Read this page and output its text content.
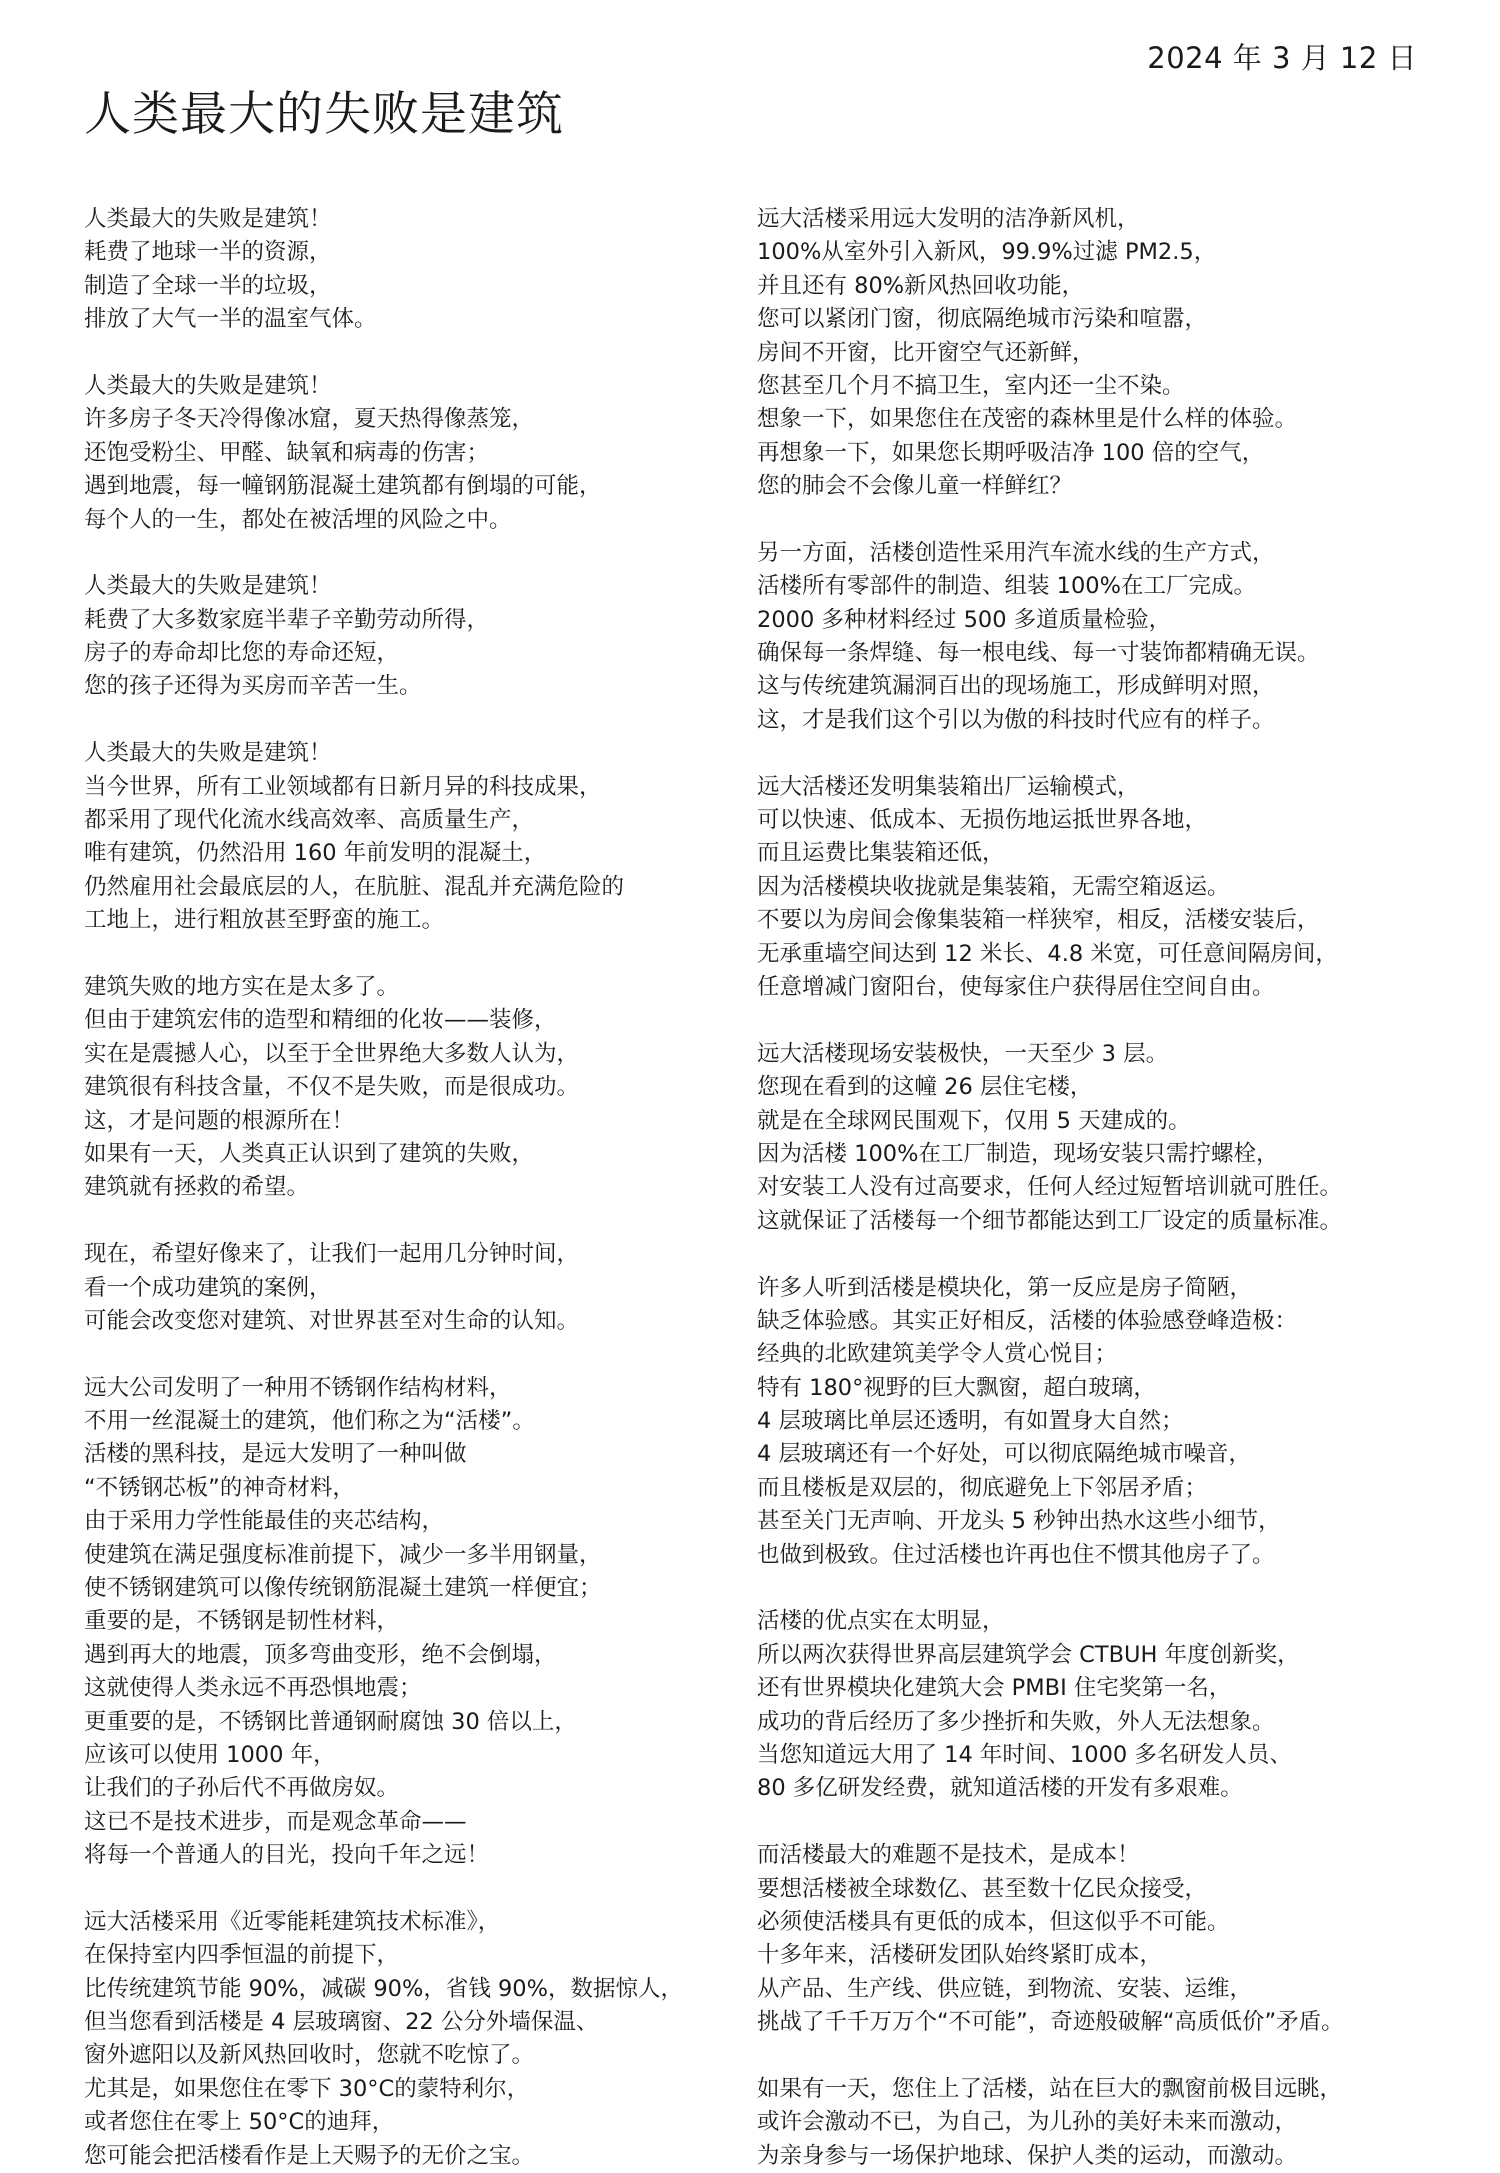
2024 年 3 月 12 日
人类最大的失败是建筑
人类最大的失败是建筑！
耗费了地球一半的资源，
制造了全球一半的垃圾，
排放了大气一半的温室气体。
人类最大的失败是建筑！
许多房子冬天冷得像冰窟，夏天热得像蒸笼，
还饱受粉尘、甲醛、缺氧和病毒的伤害；
遇到地震，每一幢钢筋混凝土建筑都有倒塌的可能，
每个人的一生，都处在被活埋的风险之中。
人类最大的失败是建筑！
耗费了大多数家庭半辈子辛勤劳动所得，
房子的寿命却比您的寿命还短，
您的孩子还得为买房而辛苦一生。
人类最大的失败是建筑！
当今世界，所有工业领域都有日新月异的科技成果，
都采用了现代化流水线高效率、高质量生产，
唯有建筑，仍然沿用 160 年前发明的混凝土，
仍然雇用社会最底层的人，在肮脏、混乱并充满危险的
工地上，进行粗放甚至野蛮的施工。
建筑失败的地方实在是太多了。
但由于建筑宏伟的造型和精细的化妆——装修，
实在是震撼人心，以至于全世界绝大多数人认为，
建筑很有科技含量，不仅不是失败，而是很成功。
这，才是问题的根源所在！
如果有一天，人类真正认识到了建筑的失败，
建筑就有拯救的希望。
现在，希望好像来了，让我们一起用几分钟时间，
看一个成功建筑的案例，
可能会改变您对建筑、对世界甚至对生命的认知。
远大公司发明了一种用不锈钢作结构材料，
不用一丝混凝土的建筑，他们称之为“活楼”。
活楼的黑科技，是远大发明了一种叫做
“不锈钢芯板”的神奇材料，
由于采用力学性能最佳的夹芯结构，
使建筑在满足强度标准前提下，减少一多半用钢量，
使不锈钢建筑可以像传统钢筋混凝土建筑一样便宜；
重要的是，不锈钢是韧性材料，
遇到再大的地震，顶多弯曲变形，绝不会倒塌，
这就使得人类永远不再恐惧地震；
更重要的是，不锈钢比普通钢耐腐蚀 30 倍以上，
应该可以使用 1000 年，
让我们的子孙后代不再做房奴。
这已不是技术进步，而是观念革命——
将每一个普通人的目光，投向千年之远！
远大活楼采用《近零能耗建筑技术标准》，
在保持室内四季恒温的前提下，
比传统建筑节能 90%，减碳 90%，省钱 90%，数据惊人，
但当您看到活楼是 4 层玻璃窗、22 公分外墙保温、
窗外遮阳以及新风热回收时，您就不吃惊了。
尤其是，如果您住在零下 30°C的蒙特利尔，
或者您住在零上 50°C的迪拜，
您可能会把活楼看作是上天赐予的无价之宝。
远大活楼采用远大发明的洁净新风机，
100%从室外引入新风，99.9%过滤 PM2.5，
并且还有 80%新风热回收功能，
您可以紧闭门窗，彻底隔绝城市污染和喧嚣，
房间不开窗，比开窗空气还新鲜，
您甚至几个月不搞卫生，室内还一尘不染。
想象一下，如果您住在茂密的森林里是什么样的体验。
再想象一下，如果您长期呼吸洁净 100 倍的空气，
您的肺会不会像儿童一样鲜红？
另一方面，活楼创造性采用汽车流水线的生产方式，
活楼所有零部件的制造、组装 100%在工厂完成。
2000 多种材料经过 500 多道质量检验，
确保每一条焊缝、每一根电线、每一寸装饰都精确无误。
这与传统建筑漏洞百出的现场施工，形成鲜明对照，
这，才是我们这个引以为傲的科技时代应有的样子。
远大活楼还发明集装箱出厂运输模式，
可以快速、低成本、无损伤地运抵世界各地，
而且运费比集装箱还低，
因为活楼模块收拢就是集装箱，无需空箱返运。
不要以为房间会像集装箱一样狭窄，相反，活楼安装后，
无承重墙空间达到 12 米长、4.8 米宽，可任意间隔房间，
任意增减门窗阳台，使每家住户获得居住空间自由。
远大活楼现场安装极快，一天至少 3 层。
您现在看到的这幢 26 层住宅楼，
就是在全球网民围观下，仅用 5 天建成的。
因为活楼 100%在工厂制造，现场安装只需拧螺栓，
对安装工人没有过高要求，任何人经过短暂培训就可胜任。
这就保证了活楼每一个细节都能达到工厂设定的质量标准。
许多人听到活楼是模块化，第一反应是房子简陋，
缺乏体验感。其实正好相反，活楼的体验感登峰造极：
经典的北欧建筑美学令人赏心悦目；
特有 180°视野的巨大飘窗，超白玻璃，
4 层玻璃比单层还透明，有如置身大自然；
4 层玻璃还有一个好处，可以彻底隔绝城市噪音，
而且楼板是双层的，彻底避免上下邻居矛盾；
甚至关门无声响、开龙头 5 秒钟出热水这些小细节，
也做到极致。住过活楼也许再也住不惯其他房子了。
活楼的优点实在太明显，
所以两次获得世界高层建筑学会 CTBUH 年度创新奖，
还有世界模块化建筑大会 PMBI 住宅奖第一名，
成功的背后经历了多少挫折和失败，外人无法想象。
当您知道远大用了 14 年时间、1000 多名研发人员、
80 多亿研发经费，就知道活楼的开发有多艰难。
而活楼最大的难题不是技术，是成本！
要想活楼被全球数亿、甚至数十亿民众接受，
必须使活楼具有更低的成本，但这似乎不可能。
十多年来，活楼研发团队始终紧盯成本，
从产品、生产线、供应链，到物流、安装、运维，
挑战了千千万万个“不可能”，奇迹般破解“高质低价”矛盾。
如果有一天，您住上了活楼，站在巨大的飘窗前极目远眺，
或许会激动不已，为自己，为儿孙的美好未来而激动，
为亲身参与一场保护地球、保护人类的运动，而激动。
